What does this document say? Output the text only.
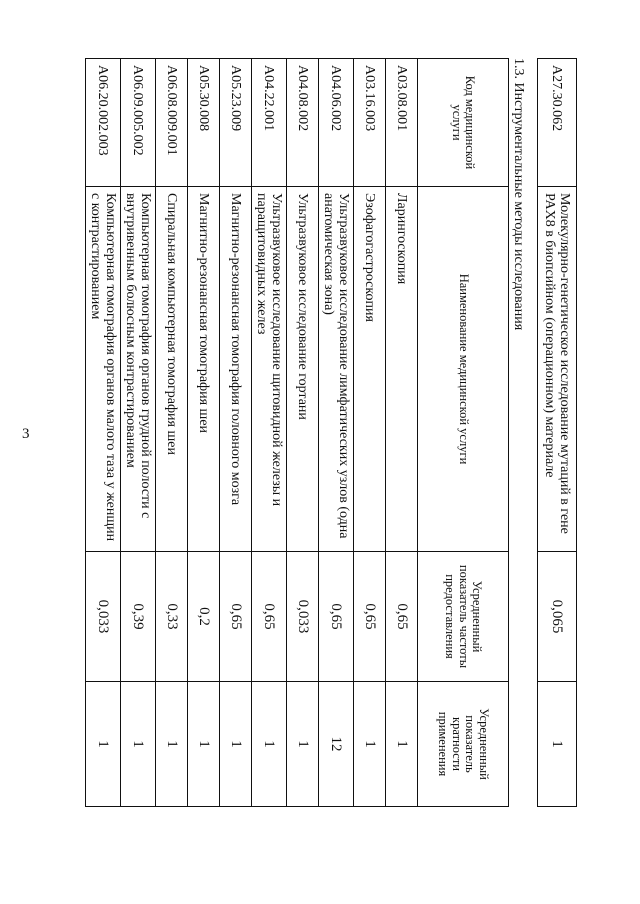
3
A27.30.062	Молекулярно-генетическое исследование мутаций в гене PAX8 в биопсийном (операционном) материале	0,065	1
1.3. Инструментальные методы исследования
Код медицинской услуги	Наименование медицинской услуги	Усредненный показатель частоты предоставления	Усредненный показатель кратности применения
A03.08.001	Ларингоскопия	0,65	1
A03.16.003	Эзофагогастроскопия	0,65	1
A04.06.002	Ультразвуковое исследование лимфатических узлов (одна анатомическая зона)	0,65	12
A04.08.002	Ультразвуковое исследование гортани	0,033	1
A04.22.001	Ультразвуковое исследование щитовидной железы и паращитовидных желез	0,65	1
A05.23.009	Магнитно-резонансная томография головного мозга	0,65	1
A05.30.008	Магнитно-резонансная томография шеи	0,2	1
A06.08.009.001	Спиральная компьютерная томография шеи	0,33	1
A06.09.005.002	Компьютерная томография органов грудной полости с внутривенным болюсным контрастированием	0,39	1
A06.20.002.003	Компьютерная томография органов малого таза у женщин с контрастированием	0,033	1
